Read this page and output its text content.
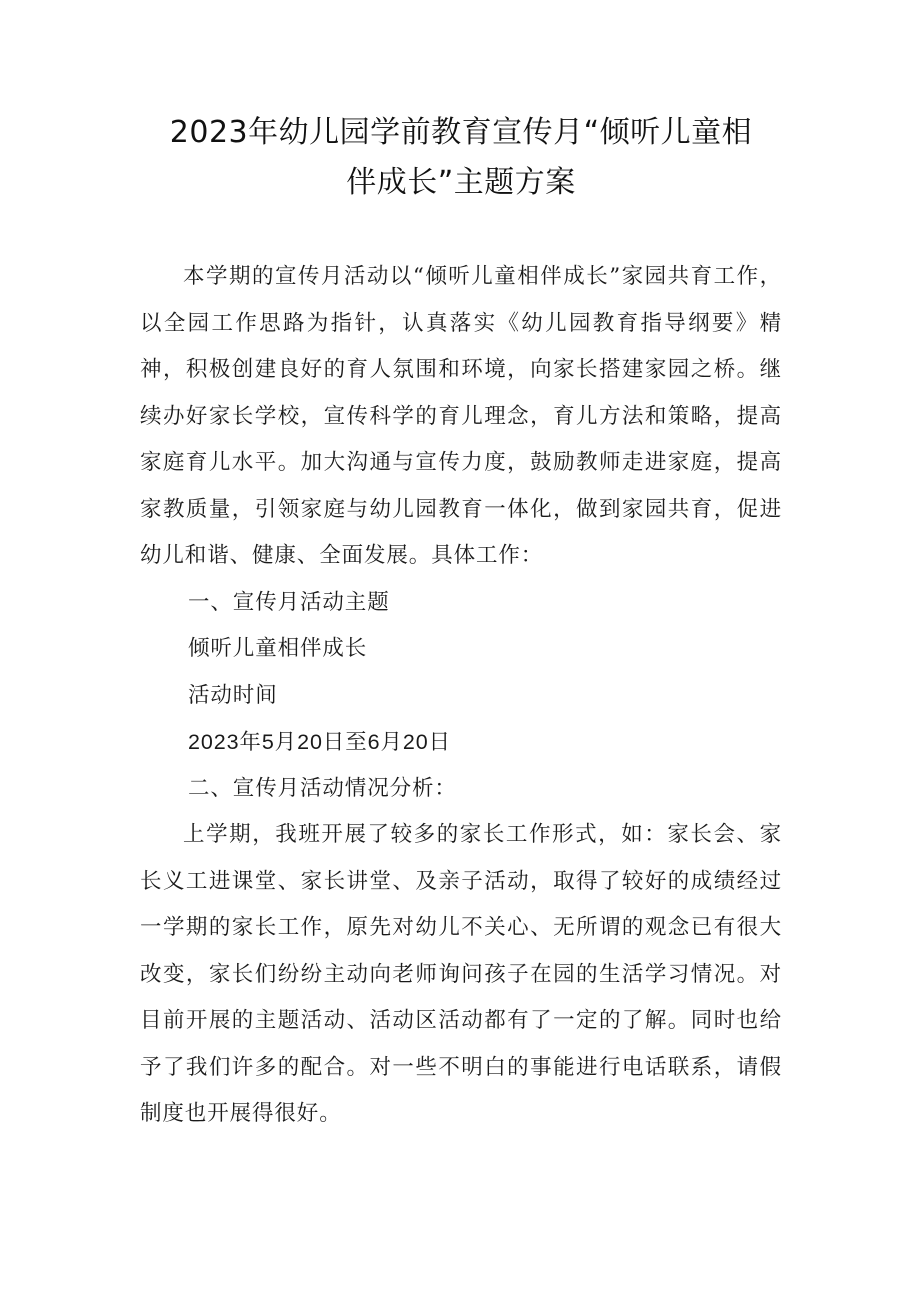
2023年幼儿园学前教育宣传月“倾听儿童相
伴成长”主题方案

本学期的宣传月活动以“倾听儿童相伴成长”家园共育工作，以全园工作思路为指针，认真落实《幼儿园教育指导纲要》精神，积极创建良好的育人氛围和环境，向家长搭建家园之桥。继续办好家长学校，宣传科学的育儿理念，育儿方法和策略，提高家庭育儿水平。加大沟通与宣传力度，鼓励教师走进家庭，提高家教质量，引领家庭与幼儿园教育一体化，做到家园共育，促进幼儿和谐、健康、全面发展。具体工作：

一、宣传月活动主题

倾听儿童相伴成长

活动时间

2023年5月20日至6月20日

二、宣传月活动情况分析：

上学期，我班开展了较多的家长工作形式，如：家长会、家长义工进课堂、家长讲堂、及亲子活动，取得了较好的成绩经过一学期的家长工作，原先对幼儿不关心、无所谓的观念已有很大改变，家长们纷纷主动向老师询问孩子在园的生活学习情况。对目前开展的主题活动、活动区活动都有了一定的了解。同时也给予了我们许多的配合。对一些不明白的事能进行电话联系，请假制度也开展得很好。
